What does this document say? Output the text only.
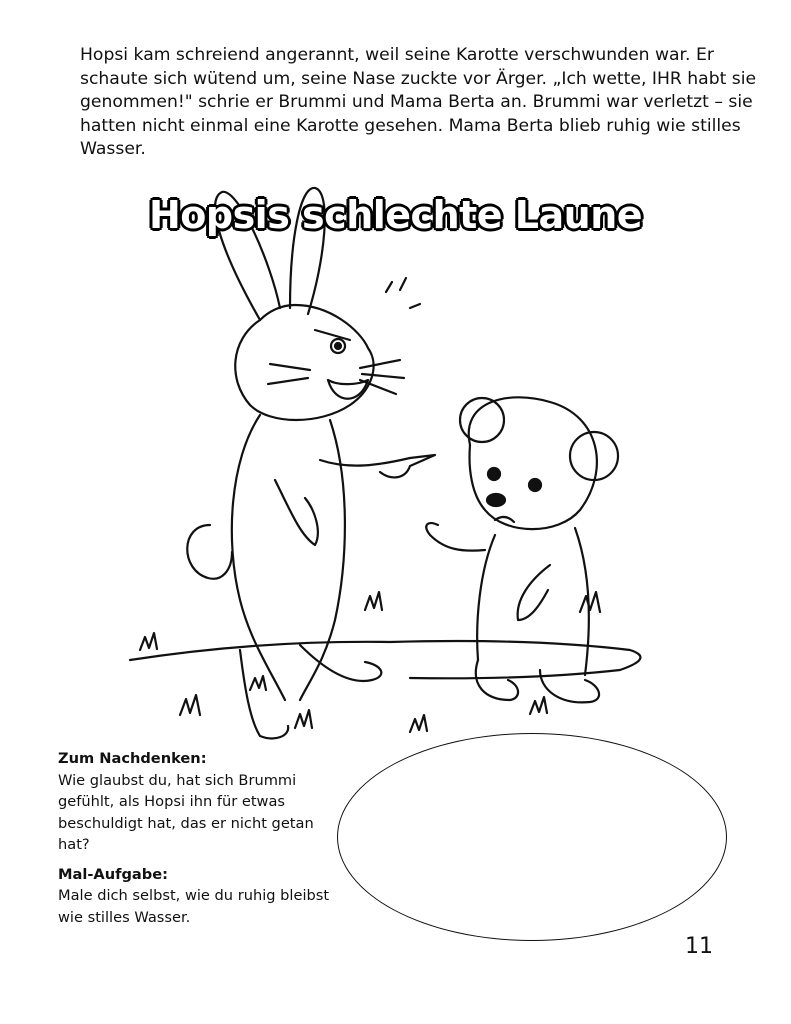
Hopsi kam schreiend angerannt, weil seine Karotte verschwunden war. Er schaute sich wütend um, seine Nase zuckte vor Ärger. „Ich wette, IHR habt sie genommen!" schrie er Brummi und Mama Berta an. Brummi war verletzt – sie hatten nicht einmal eine Karotte gesehen. Mama Berta blieb ruhig wie stilles Wasser.

Hopsis schlechte Laune
Zum Nachdenken:

Wie glaubst du, hat sich Brummi gefühlt, als Hopsi ihn für etwas beschuldigt hat, das er nicht getan hat?

Mal-Aufgabe:

Male dich selbst, wie du ruhig bleibst wie stilles Wasser.

11
